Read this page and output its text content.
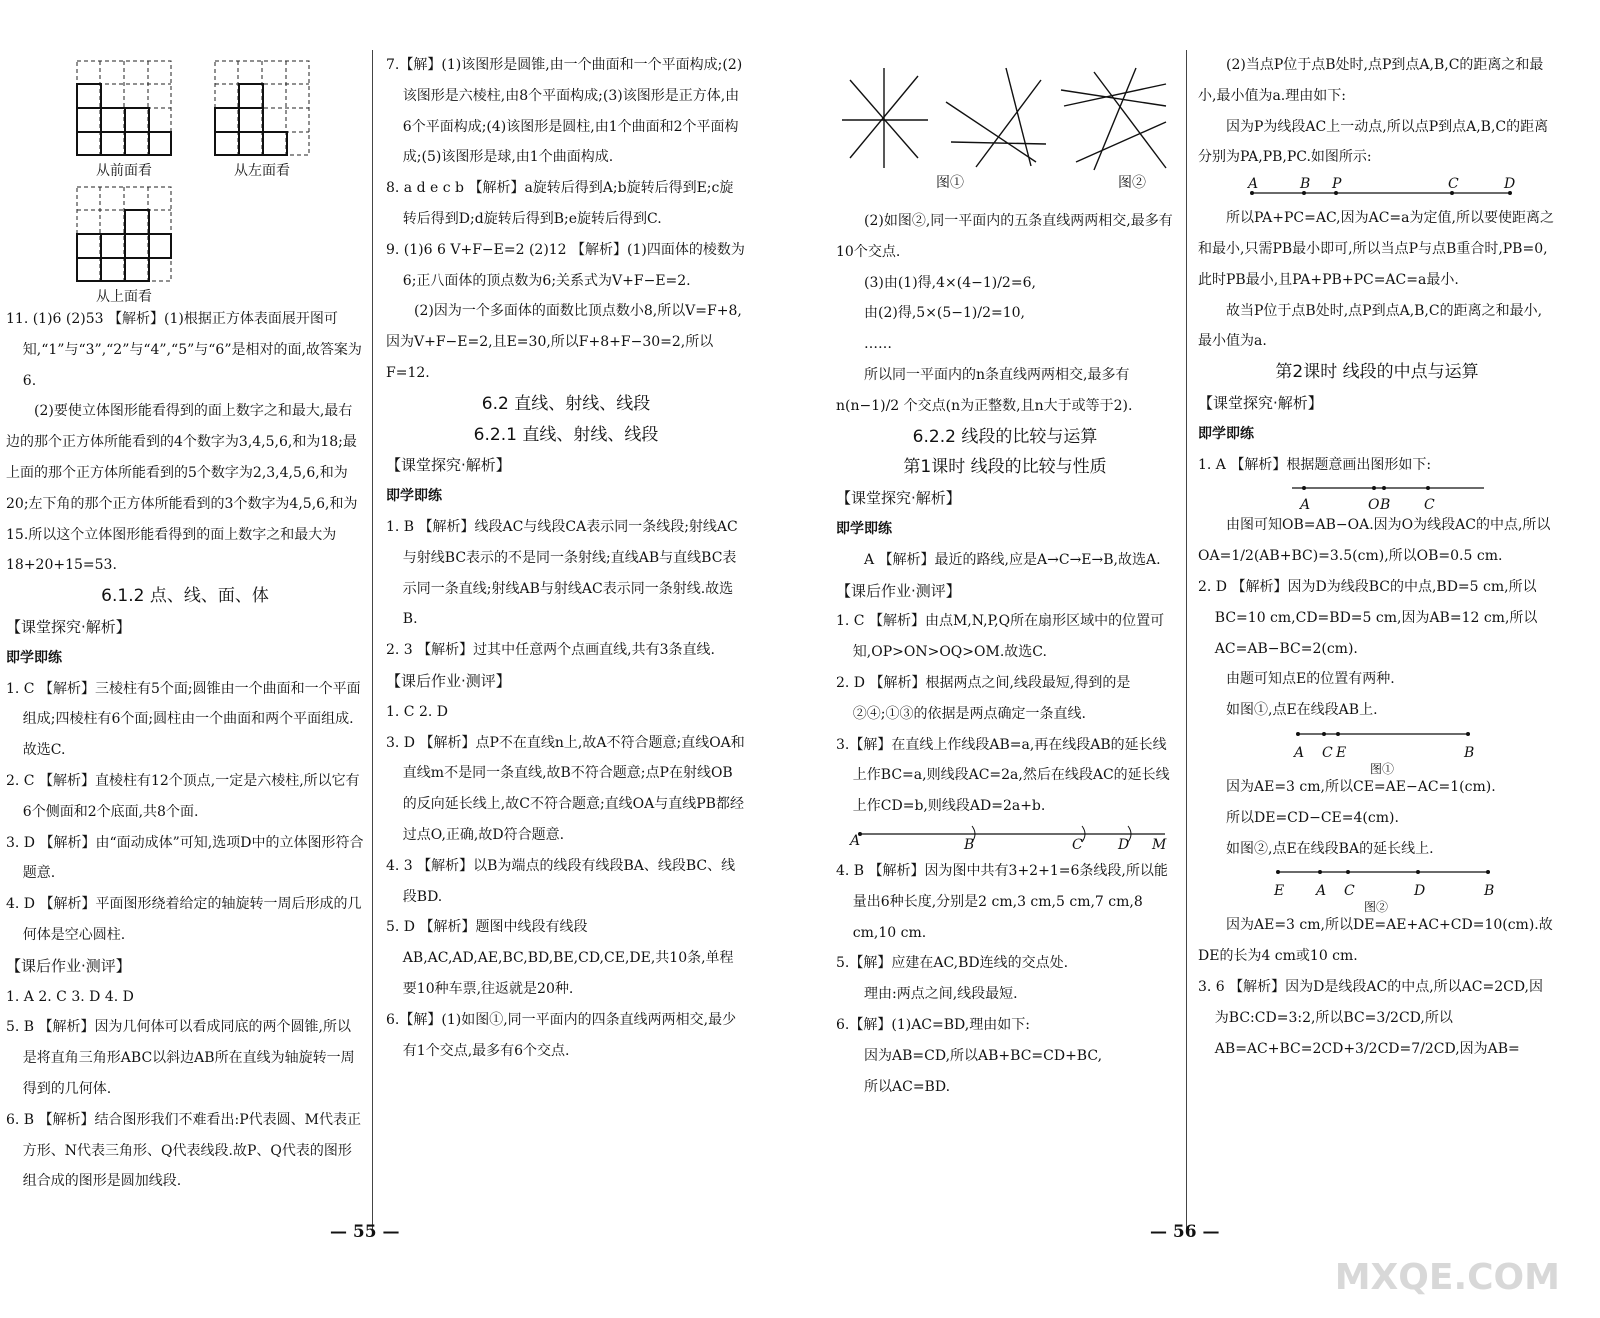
从前面看	从左面看
从上面看

11. (1)6 (2)53 【解析】(1)根据正方体表面展开图可知,“1”与“3”,“2”与“4”,“5”与“6”是相对的面,故答案为6.

(2)要使立体图形能看得到的面上数字之和最大,最右边的那个正方体所能看到的4个数字为3,4,5,6,和为18;最上面的那个正方体所能看到的5个数字为2,3,4,5,6,和为20;左下角的那个正方体所能看到的3个数字为4,5,6,和为15.所以这个立体图形能看得到的面上数字之和最大为18+20+15=53.

6.1.2 点、线、面、体

【课堂探究·解析】

即学即练

1. C 【解析】三棱柱有5个面;圆锥由一个曲面和一个平面组成;四棱柱有6个面;圆柱由一个曲面和两个平面组成.故选C.

2. C 【解析】直棱柱有12个顶点,一定是六棱柱,所以它有6个侧面和2个底面,共8个面.

3. D 【解析】由“面动成体”可知,选项D中的立体图形符合题意.

4. D 【解析】平面图形绕着给定的轴旋转一周后形成的几何体是空心圆柱.

【课后作业·测评】

1. A 2. C 3. D 4. D

5. B 【解析】因为几何体可以看成同底的两个圆锥,所以是将直角三角形ABC以斜边AB所在直线为轴旋转一周得到的几何体.

6. B 【解析】结合图形我们不难看出:P代表圆、M代表正方形、N代表三角形、Q代表线段.故P、Q代表的图形组合成的图形是圆加线段.

7.【解】(1)该图形是圆锥,由一个曲面和一个平面构成;(2)该图形是六棱柱,由8个平面构成;(3)该图形是正方体,由6个平面构成;(4)该图形是圆柱,由1个曲面和2个平面构成;(5)该图形是球,由1个曲面构成.

8. a d e c b 【解析】a旋转后得到A;b旋转后得到E;c旋转后得到D;d旋转后得到B;e旋转后得到C.

9. (1)6 6 V+F−E=2 (2)12 【解析】(1)四面体的棱数为6;正八面体的顶点数为6;关系式为V+F−E=2.

(2)因为一个多面体的面数比顶点数小8,所以V=F+8,因为V+F−E=2,且E=30,所以F+8+F−30=2,所以F=12.

6.2 直线、射线、线段

6.2.1 直线、射线、线段

【课堂探究·解析】

即学即练

1. B 【解析】线段AC与线段CA表示同一条线段;射线AC与射线BC表示的不是同一条射线;直线AB与直线BC表示同一条直线;射线AB与射线AC表示同一条射线.故选B.

2. 3 【解析】过其中任意两个点画直线,共有3条直线.

【课后作业·测评】

1. C 2. D

3. D 【解析】点P不在直线n上,故A不符合题意;直线OA和直线m不是同一条直线,故B不符合题意;点P在射线OB的反向延长线上,故C不符合题意;直线OA与直线PB都经过点O,正确,故D符合题意.

4. 3 【解析】以B为端点的线段有线段BA、线段BC、线段BD.

5. D 【解析】题图中线段有线段AB,AC,AD,AE,BC,BD,BE,CD,CE,DE,共10条,单程要10种车票,往返就是20种.

6.【解】(1)如图①,同一平面内的四条直线两两相交,最少有1个交点,最多有6个交点.

— 55 —
图①	图②

(2)如图②,同一平面内的五条直线两两相交,最多有10个交点.

(3)由(1)得,4×(4−1)/2=6,

由(2)得,5×(5−1)/2=10,

……

所以同一平面内的n条直线两两相交,最多有 n(n−1)/2 个交点(n为正整数,且n大于或等于2).

6.2.2 线段的比较与运算

第1课时 线段的比较与性质

【课堂探究·解析】

即学即练

A 【解析】最近的路线,应是A→C→E→B,故选A.

【课后作业·测评】

1. C 【解析】由点M,N,P,Q所在扇形区域中的位置可知,OP>ON>OQ>OM.故选C.

2. D 【解析】根据两点之间,线段最短,得到的是②④;①③的依据是两点确定一条直线.

3.【解】在直线上作线段AB=a,再在线段AB的延长线上作BC=a,则线段AC=2a,然后在线段AC的延长线上作CD=b,则线段AD=2a+b.

A	B	C	D M

4. B 【解析】因为图中共有3+2+1=6条线段,所以能量出6种长度,分别是2 cm,3 cm,5 cm,7 cm,8 cm,10 cm.

5.【解】应建在AC,BD连线的交点处.

理由:两点之间,线段最短.

6.【解】(1)AC=BD,理由如下:

因为AB=CD,所以AB+BC=CD+BC,

所以AC=BD.

(2)当点P位于点B处时,点P到点A,B,C的距离之和最小,最小值为a.理由如下:

因为P为线段AC上一动点,所以点P到点A,B,C的距离分别为PA,PB,PC.如图所示:

A	B P	C	D

所以PA+PC=AC,因为AC=a为定值,所以要使距离之和最小,只需PB最小即可,所以当点P与点B重合时,PB=0,此时PB最小,且PA+PB+PC=AC=a最小.

故当P位于点B处时,点P到点A,B,C的距离之和最小,最小值为a.

第2课时 线段的中点与运算

【课堂探究·解析】

即学即练

1. A 【解析】根据题意画出图形如下:

A	O B C

由图可知OB=AB−OA.因为O为线段AC的中点,所以OA=1/2(AB+BC)=3.5(cm),所以OB=0.5 cm.

2. D 【解析】因为D为线段BC的中点,BD=5 cm,所以BC=10 cm,CD=BD=5 cm,因为AB=12 cm,所以AC=AB−BC=2(cm).

由题可知点E的位置有两种.

如图①,点E在线段AB上.

A C E	B
图①

因为AE=3 cm,所以CE=AE−AC=1(cm).

所以DE=CD−CE=4(cm).

如图②,点E在线段BA的延长线上.

E A C	D	B
图②

因为AE=3 cm,所以DE=AE+AC+CD=10(cm).故DE的长为4 cm或10 cm.

3. 6 【解析】因为D是线段AC的中点,所以AC=2CD,因为BC:CD=3:2,所以BC=3/2CD,所以AB=AC+BC=2CD+3/2CD=7/2CD,因为AB=

— 56 —
MXQE.COM
